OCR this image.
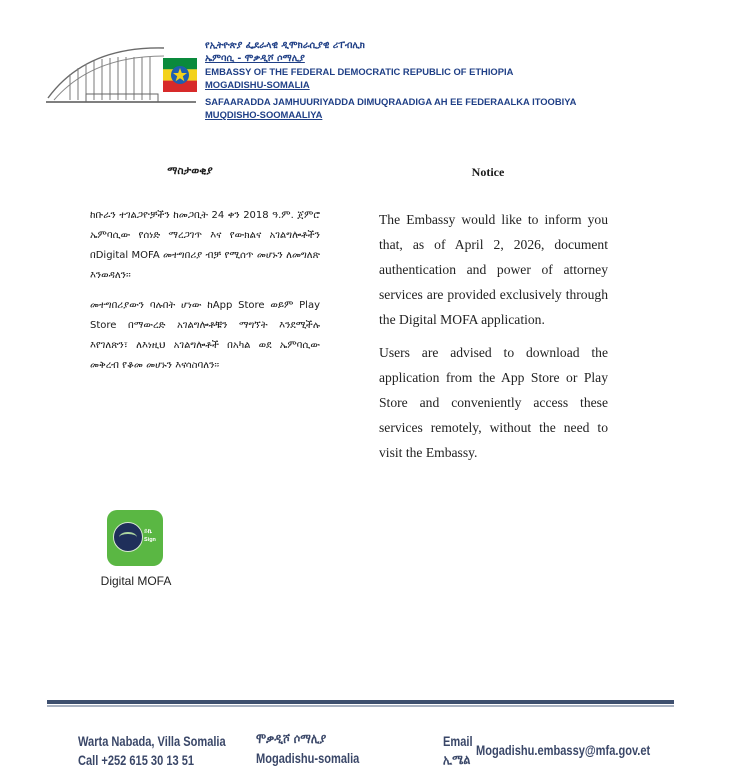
የኢትዮጵያ ፌደራላዊ ዲሞክራሲያዊ ሪፐብሊክ
ኤምባሲ - ሞቃዲሾ ሶማሊያ
EMBASSY OF THE FEDERAL DEMOCRATIC REPUBLIC OF ETHIOPIA
MOGADISHU-SOMALIA
SAFAARADDA JAMHUURIYADDA DIMUQRAADIGA AH EE FEDERAALKA ITOOBIYA
MUQDISHO-SOOMAALIYA
ማስታወቂያ	Notice

ከቡራን ተገልጋዮቻችን ከመጋቢት 24 ቀን 2018 ዓ.ም. ጀምሮ ኤምባሲው የሰነድ ማረጋገጥ እና የውክልና አገልግሎቶችን በDigital MOFA መተግበሪያ ብቻ የሚሰጥ መሆኑን ለመግለጽ እንወዳለን፡፡

መተግበሪያውን ባሉበት ሆነው ከApp Store ወይም Play Store በማውረድ አገልግሎቶቹን ማግኘት እንደሚችሉ እየገለጽን፣ ለእነዚህ አገልግሎቶች በአካል ወደ ኤምባሲው መቅረብ የቆመ መሆኑን እናሳስባለን፡፡

The Embassy would like to inform you that, as of April 2, 2026, document authentication and power of attorney services are provided exclusively through the Digital MOFA application.

Users are advised to download the application from the App Store or Play Store and conveniently access these services remotely, without the need to visit the Embassy.

ይኬ
Sign
Digital MOFA
Warta Nabada, Villa Somalia
Call +252 615 30 13 51
ሞቃዲሾ ሶማሊያ
Mogadishu-somalia
Email
ኢሜል
Mogadishu.embassy@mfa.gov.et
